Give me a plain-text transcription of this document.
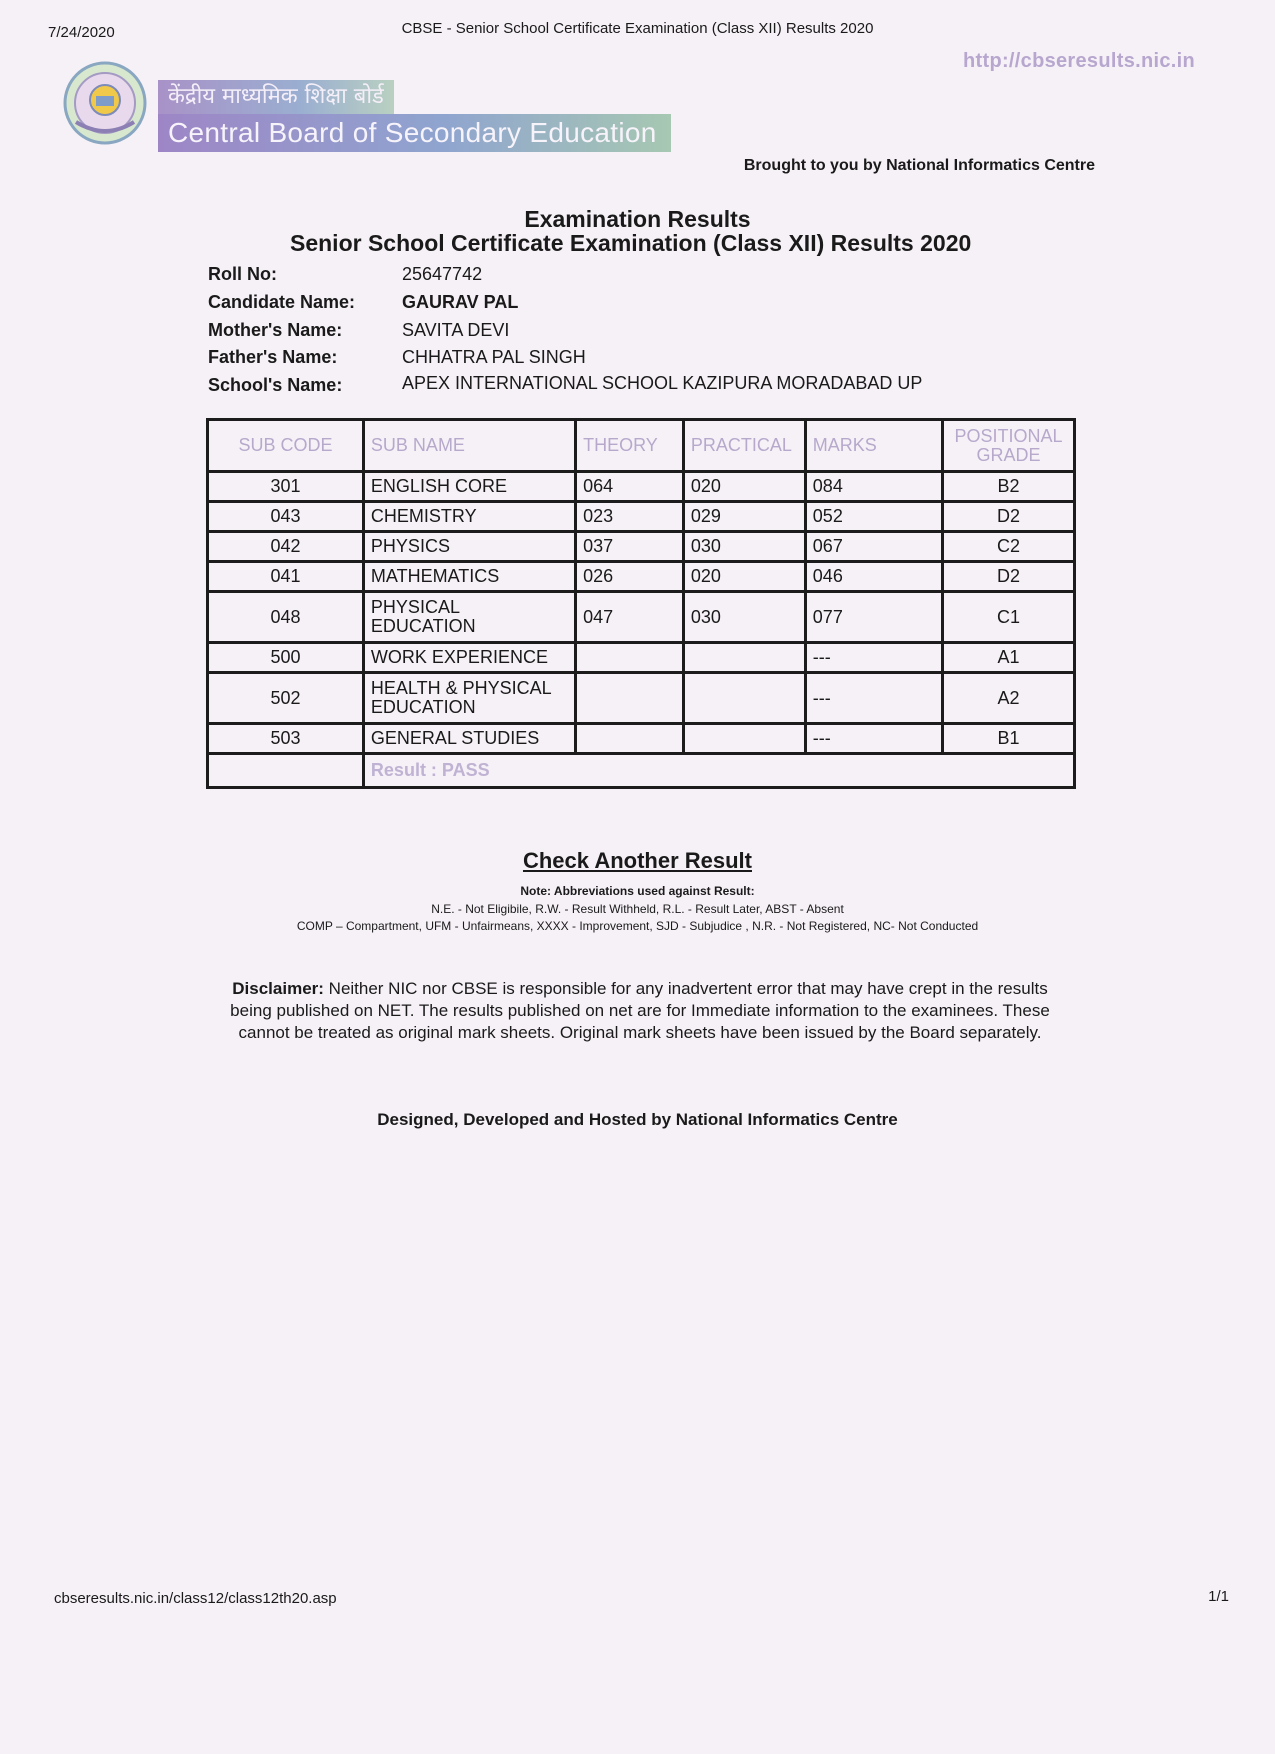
7/24/2020	CBSE - Senior School Certificate Examination (Class XII) Results 2020
http://cbseresults.nic.in
केंद्रीय माध्यमिक शिक्षा बोर्ड
Central Board of Secondary Education
Brought to you by National Informatics Centre
Examination Results
Senior School Certificate Examination (Class XII) Results 2020
Roll No:	25647742
Candidate Name:	GAURAV PAL
Mother's Name:	SAVITA DEVI
Father's Name:	CHHATRA PAL SINGH
School's Name:	APEX INTERNATIONAL SCHOOL KAZIPURA MORADABAD UP
SUB CODE	SUB NAME	THEORY	PRACTICAL	MARKS	POSITIONAL GRADE
301	ENGLISH CORE	064	020	084	B2
043	CHEMISTRY	023	029	052	D2
042	PHYSICS	037	030	067	C2
041	MATHEMATICS	026	020	046	D2
048	PHYSICAL EDUCATION	047	030	077	C1
500	WORK EXPERIENCE			---	A1
502	HEALTH & PHYSICAL EDUCATION			---	A2
503	GENERAL STUDIES			---	B1
	Result : PASS				
Check Another Result
Note: Abbreviations used against Result:
N.E. - Not Eligibile, R.W. - Result Withheld, R.L. - Result Later, ABST - Absent
COMP – Compartment, UFM - Unfairmeans, XXXX - Improvement, SJD - Subjudice , N.R. - Not Registered, NC- Not Conducted
Disclaimer: Neither NIC nor CBSE is responsible for any inadvertent error that may have crept in the results being published on NET. The results published on net are for Immediate information to the examinees. These cannot be treated as original mark sheets. Original mark sheets have been issued by the Board separately.
Designed, Developed and Hosted by National Informatics Centre
cbseresults.nic.in/class12/class12th20.asp	1/1
